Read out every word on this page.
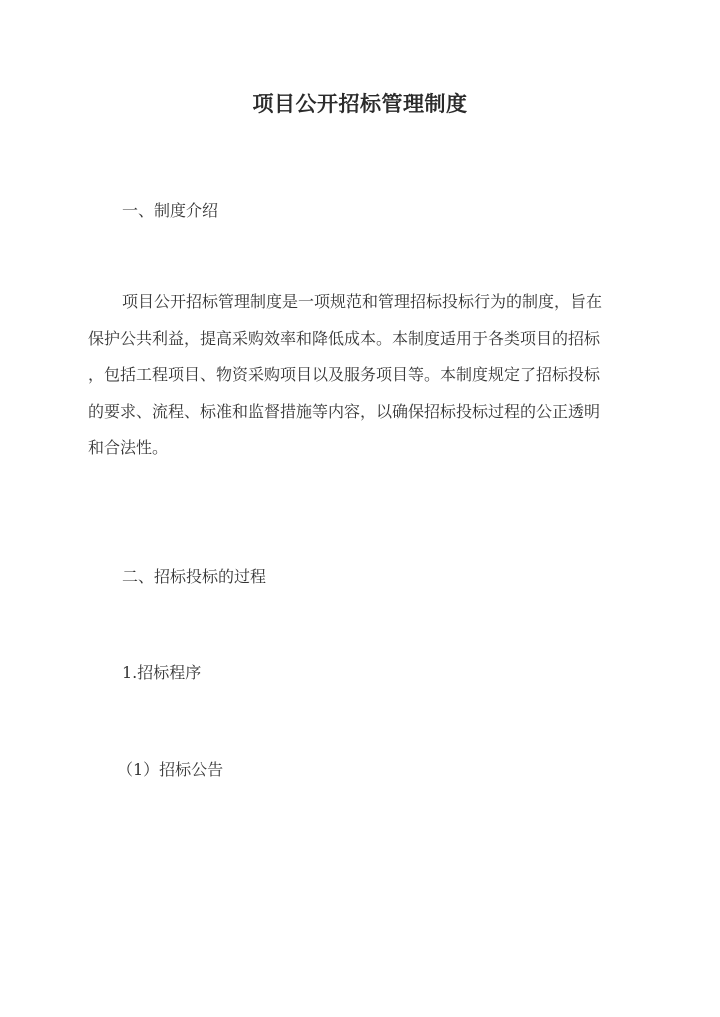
项目公开招标管理制度
一、制度介绍
项目公开招标管理制度是一项规范和管理招标投标行为的制度，旨在
保护公共利益，提高采购效率和降低成本。本制度适用于各类项目的招标
，包括工程项目、物资采购项目以及服务项目等。本制度规定了招标投标
的要求、流程、标准和监督措施等内容，以确保招标投标过程的公正透明
和合法性。
二、招标投标的过程
1.招标程序
（1）招标公告
